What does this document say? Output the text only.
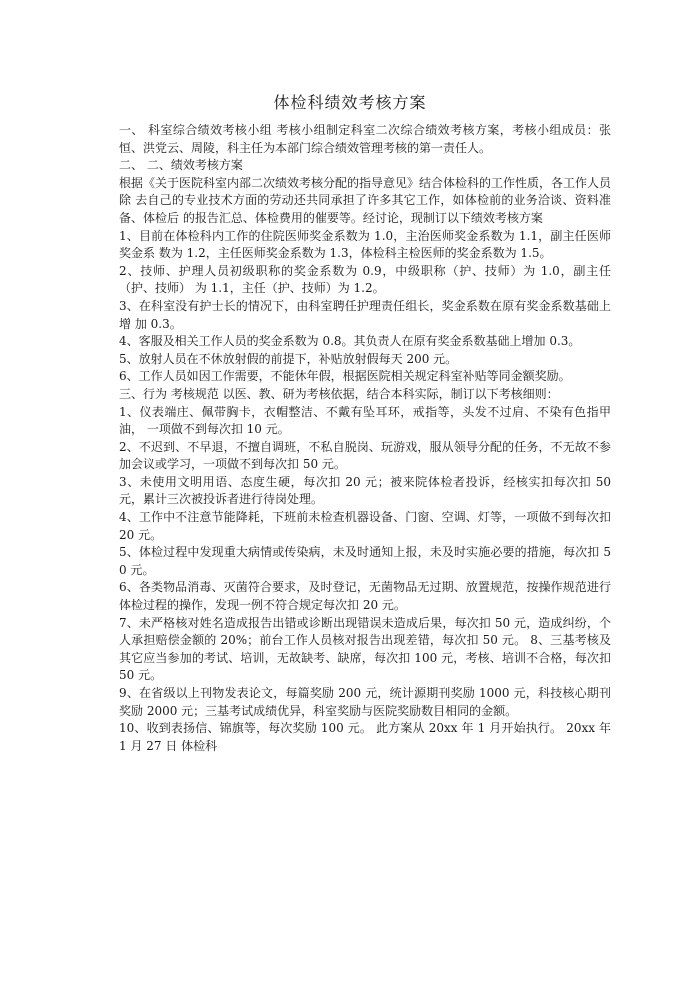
体检科绩效考核方案

一、 科室综合绩效考核小组 考核小组制定科室二次综合绩效考核方案，考核小组成员：张恒、洪党云、周陵，科主任为本部门综合绩效管理考核的第一责任人。

二、 二、绩效考核方案

根据《关于医院科室内部二次绩效考核分配的指导意见》结合体检科的工作性质，各工作人员除 去自己的专业技术方面的劳动还共同承担了许多其它工作，如体检前的业务洽谈、资料准备、体检后 的报告汇总、体检费用的催要等。经讨论，现制订以下绩效考核方案

1、目前在体检科内工作的住院医师奖金系数为 1.0，主治医师奖金系数为 1.1，副主任医师奖金系 数为 1.2，主任医师奖金系数为 1.3，体检科主检医师的奖金系数为 1.5。

2、技师、护理人员初级职称的奖金系数为 0.9，中级职称（护、技师）为 1.0，副主任（护、技师） 为 1.1，主任（护、技师）为 1.2。

3、在科室没有护士长的情况下，由科室聘任护理责任组长，奖金系数在原有奖金系数基础上增 加 0.3。

4、客服及相关工作人员的奖金系数为 0.8。其负责人在原有奖金系数基础上增加 0.3。

5、放射人员在不休放射假的前提下，补贴放射假每天 200 元。

6、工作人员如因工作需要，不能休年假，根据医院相关规定科室补贴等同金额奖励。

三、行为 考核规范 以医、教、研为考核依据，结合本科实际，制订以下考核细则：

1、仪表端庄、佩带胸卡，衣帽整洁、不戴有坠耳环，戒指等，头发不过肩、不染有色指甲油， 一项做不到每次扣 10 元。

2、不迟到、不早退，不擅自调班，不私自脱岗、玩游戏，服从领导分配的任务，不无故不参加会议或学习，一项做不到每次扣 50 元。

3、未使用文明用语、态度生硬，每次扣 20 元；被来院体检者投诉，经核实扣每次扣 50 元，累计三次被投诉者进行待岗处理。

4、工作中不注意节能降耗，下班前未检查机器设备、门窗、空调、灯等，一项做不到每次扣 20 元。

5、体检过程中发现重大病情或传染病，未及时通知上报，未及时实施必要的措施，每次扣 50 元。

6、各类物品消毒、灭菌符合要求，及时登记，无菌物品无过期、放置规范，按操作规范进行体检过程的操作，发现一例不符合规定每次扣 20 元。

7、未严格核对姓名造成报告出错或诊断出现错误未造成后果，每次扣 50 元，造成纠纷，个人承担赔偿金额的 20%；前台工作人员核对报告出现差错，每次扣 50 元。 8、三基考核及其它应当参加的考试、培训，无故缺考、缺席，每次扣 100 元，考核、培训不合格，每次扣 50 元。

9、在省级以上刊物发表论文，每篇奖励 200 元，统计源期刊奖励 1000 元，科技核心期刊奖励 2000 元；三基考试成绩优异，科室奖励与医院奖励数目相同的金额。

10、收到表扬信、锦旗等，每次奖励 100 元。 此方案从 20xx 年 1 月开始执行。 20xx 年 1 月 27 日 体检科
